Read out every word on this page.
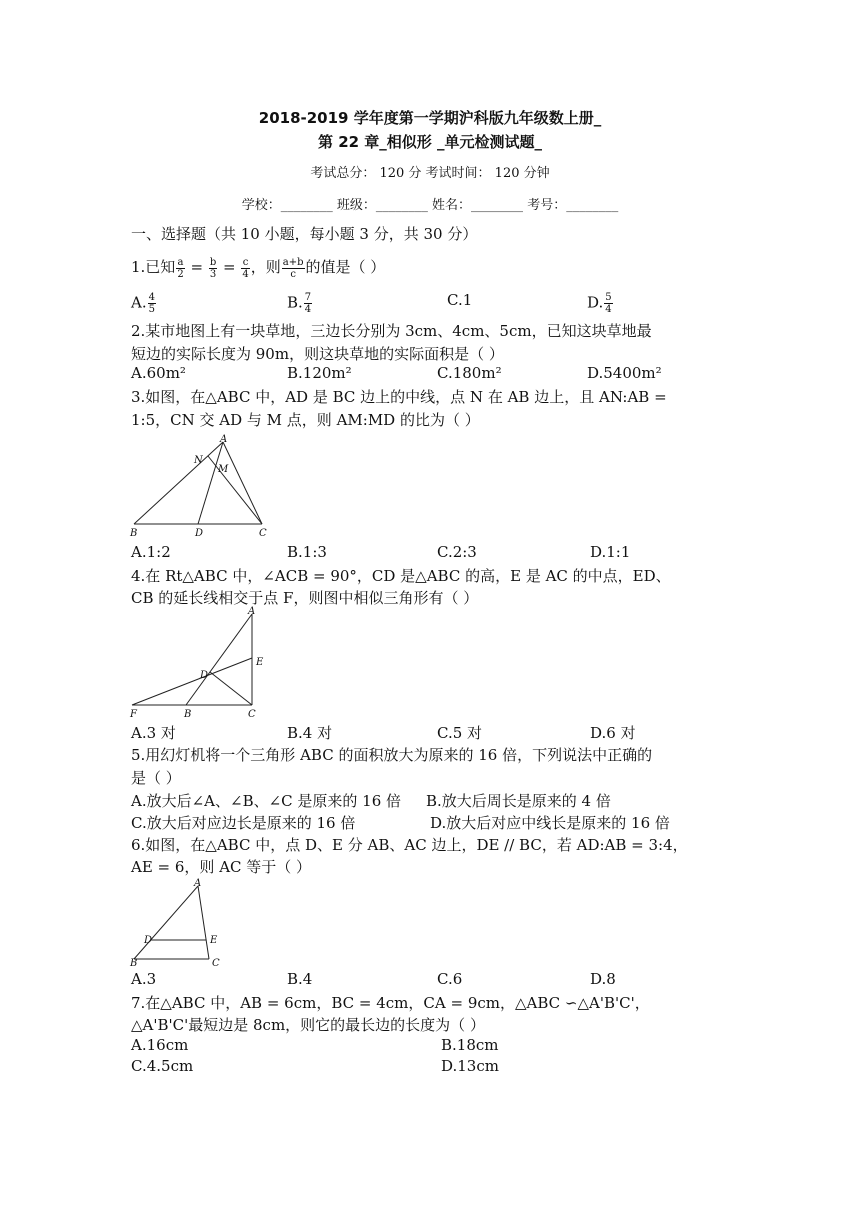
2018-2019 学年度第一学期沪科版九年级数上册_
第 22 章_相似形 _单元检测试题_
考试总分： 120 分 考试时间： 120 分钟
学校：________ 班级：________ 姓名：________ 考号：________
一、选择题（共 10 小题，每小题 3 分，共 30 分）
1.已知 $\frac{a}{2} = \frac{b}{3} = \frac{c}{4}$ ，则 $\frac{a+b}{c}$ 的值是（ ）
A. $\frac{4}{5}$	B. $\frac{7}{4}$	C.1	D. $\frac{5}{4}$
2.某市地图上有一块草地，三边长分别为 3cm、4cm、5cm，已知这块草地最
短边的实际长度为 90m，则这块草地的实际面积是（ ）
A.60m²	B.120m²	C.180m²	D.5400m²
3.如图，在△ABC 中，AD 是 BC 边上的中线，点 N 在 AB 边上，且 AN:AB =
1:5，CN 交 AD 与 M 点，则 AM:MD 的比为（ ）
A
N
M
B	D	C
A.1:2	B.1:3	C.2:3	D.1:1
4.在 Rt△ABC 中，∠ACB = 90°，CD 是△ABC 的高，E 是 AC 的中点，ED、
CB 的延长线相交于点 F，则图中相似三角形有（ ）
A
E
D
F	B	C
A.3 对	B.4 对	C.5 对	D.6 对
5.用幻灯机将一个三角形 ABC 的面积放大为原来的 16 倍，下列说法中正确的
是（ ）
A.放大后∠A、∠B、∠C 是原来的 16 倍 B.放大后周长是原来的 4 倍
C.放大后对应边长是原来的 16 倍	D.放大后对应中线长是原来的 16 倍
6.如图，在△ABC 中，点 D、E 分 AB、AC 边上，DE // BC，若 AD:AB = 3:4，
AE = 6，则 AC 等于（ ）
A
D	E
B	C
A.3	B.4	C.6	D.8
7.在△ABC 中，AB = 6cm，BC = 4cm，CA = 9cm，△ABC ∽△A'B'C'，
△A'B'C'最短边是 8cm，则它的最长边的长度为（ ）
A.16cm	B.18cm
C.4.5cm	D.13cm
